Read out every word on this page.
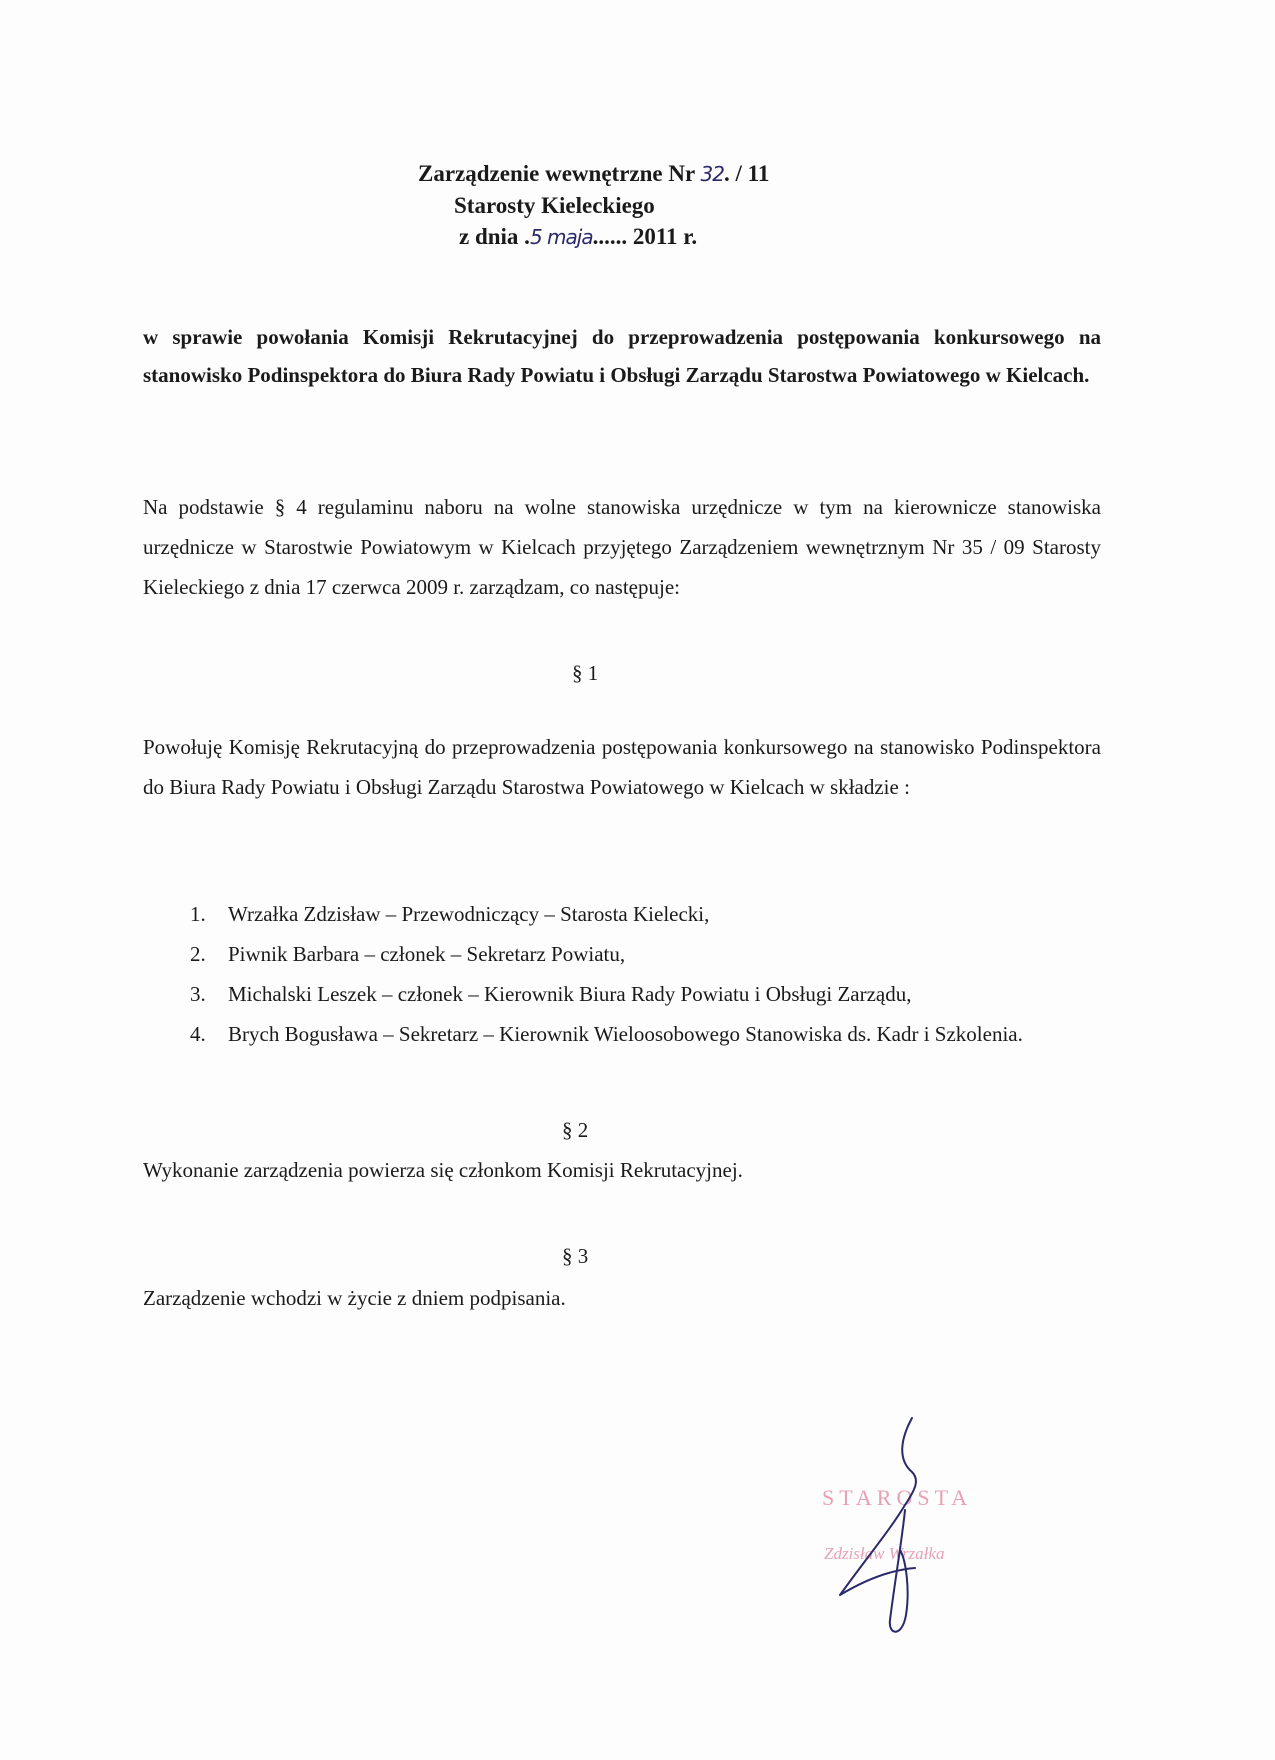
Zarządzenie wewnętrzne Nr 32. / 11
Starosty Kieleckiego
z dnia .5 maja...... 2011 r.
w sprawie powołania Komisji Rekrutacyjnej do przeprowadzenia postępowania konkursowego na stanowisko Podinspektora do Biura Rady Powiatu i Obsługi Zarządu Starostwa Powiatowego w Kielcach.
Na podstawie § 4 regulaminu naboru na wolne stanowiska urzędnicze w tym na kierownicze stanowiska urzędnicze w Starostwie Powiatowym w Kielcach przyjętego Zarządzeniem wewnętrznym Nr 35 / 09 Starosty Kieleckiego z dnia 17 czerwca 2009 r. zarządzam, co następuje:
§ 1
Powołuję Komisję Rekrutacyjną do przeprowadzenia postępowania konkursowego na stanowisko Podinspektora do Biura Rady Powiatu i Obsługi Zarządu Starostwa Powiatowego w Kielcach w składzie :
1. Wrzałka Zdzisław – Przewodniczący – Starosta Kielecki,
2. Piwnik Barbara – członek – Sekretarz Powiatu,
3. Michalski Leszek – członek – Kierownik Biura Rady Powiatu i Obsługi Zarządu,
4. Brych Bogusława – Sekretarz – Kierownik Wieloosobowego Stanowiska ds. Kadr i Szkolenia.
§ 2
Wykonanie zarządzenia powierza się członkom Komisji Rekrutacyjnej.
§ 3
Zarządzenie wchodzi w życie z dniem podpisania.
STAROSTA
Zdzisław Wrzałka
